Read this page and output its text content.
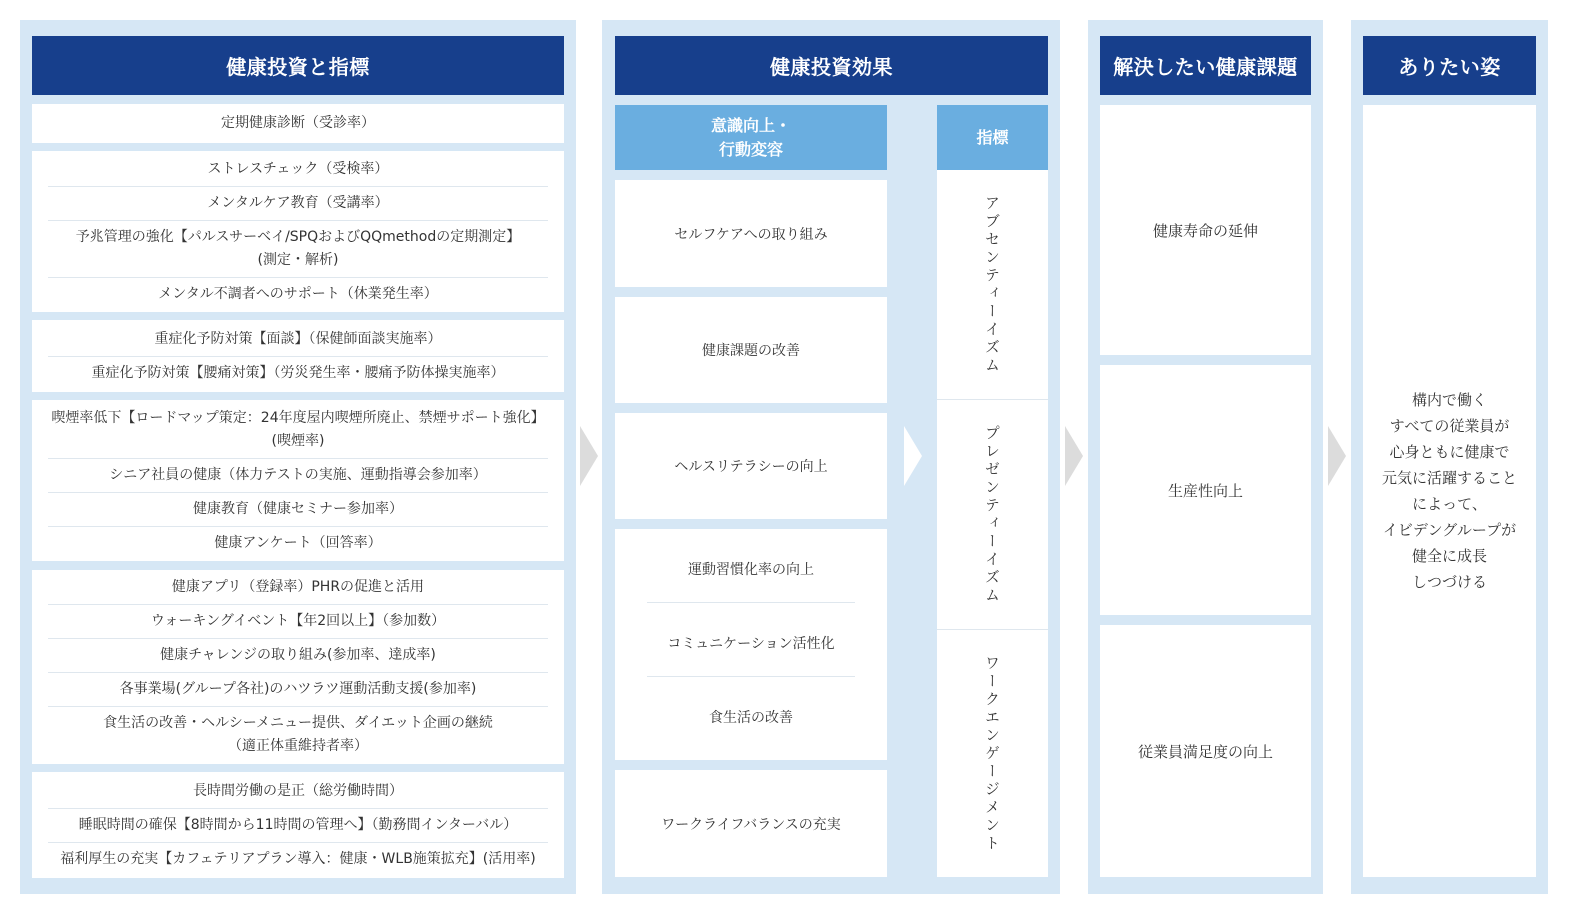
健康投資と指標
定期健康診断（受診率）
ストレスチェック（受検率）
メンタルケア教育（受講率）
予兆管理の強化【パルスサーベイ/SPQおよびQQmethodの定期測定】
(測定・解析)
メンタル不調者へのサポート（休業発生率）
重症化予防対策【面談】（保健師面談実施率）
重症化予防対策【腰痛対策】（労災発生率・腰痛予防体操実施率）
喫煙率低下【ロードマップ策定：24年度屋内喫煙所廃止、禁煙サポート強化】
(喫煙率)
シニア社員の健康（体力テストの実施、運動指導会参加率）
健康教育（健康セミナー参加率）
健康アンケート（回答率）
健康アプリ（登録率）PHRの促進と活用
ウォーキングイベント【年2回以上】（参加数）
健康チャレンジの取り組み(参加率、達成率)
各事業場(グループ各社)のハツラツ運動活動支援(参加率)
食生活の改善・ヘルシーメニュー提供、ダイエット企画の継続
（適正体重維持者率）
長時間労働の是正（総労働時間）
睡眠時間の確保【8時間から11時間の管理へ】（勤務間インターバル）
福利厚生の充実【カフェテリアプラン導入：健康・WLB施策拡充】(活用率)
健康投資効果
意識向上・
行動変容
セルフケアへの取り組み
健康課題の改善
ヘルスリテラシーの向上
運動習慣化率の向上
コミュニケーション活性化
食生活の改善
ワークライフバランスの充実
指標
アブセンティーイズム
プレゼンティーイズム
ワークエンゲージメント
解決したい健康課題
健康寿命の延伸
生産性向上
従業員満足度の向上
ありたい姿
構内で働く
すべての従業員が
心身ともに健康で
元気に活躍すること
によって、
イビデングループが
健全に成長
しつづける
